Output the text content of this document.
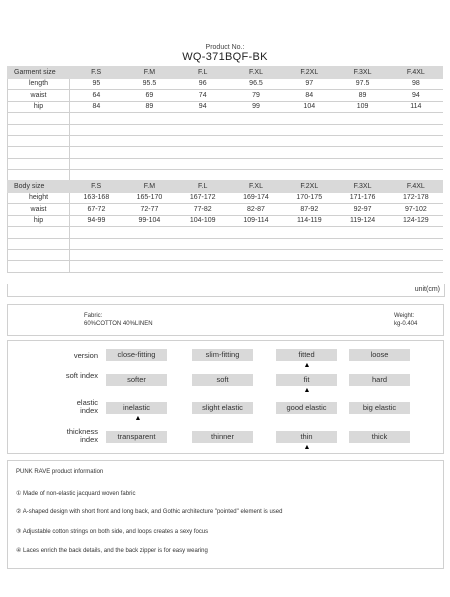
Product No.:
WQ-371BQF-BK
Garment size	F.S	F.M	F.L	F.XL	F.2XL	F.3XL	F.4XL
length	95	95.5	96	96.5	97	97.5	98
waist	64	69	74	79	84	89	94
hip	84	89	94	99	104	109	114

Body size	F.S	F.M	F.L	F.XL	F.2XL	F.3XL	F.4XL
height	163-168	165-170	167-172	169-174	170-175	171-176	172-178
waist	67-72	72-77	77-82	82-87	87-92	92-97	97-102
hip	94-99	99-104	104-109	109-114	114-119	119-124	124-129

unit(cm)
Fabric:
60%COTTON 40%LINEN
Weight:
kg-0.404
version	close-fitting	slim-fitting	fitted	loose
▲
soft index	softer	soft	fit	hard
▲
elastic index	inelastic	slight elastic	good elastic	big elastic
▲
thickness index	transparent	thinner	thin	thick
▲
PUNK RAVE product information
① Made of non-elastic jacquard woven fabric
② A-shaped design with short front and long back, and Gothic architecture "pointed" element is used
③ Adjustable cotton strings on both side, and loops creates a sexy focus
④ Laces enrich the back details, and the back zipper is for easy wearing
